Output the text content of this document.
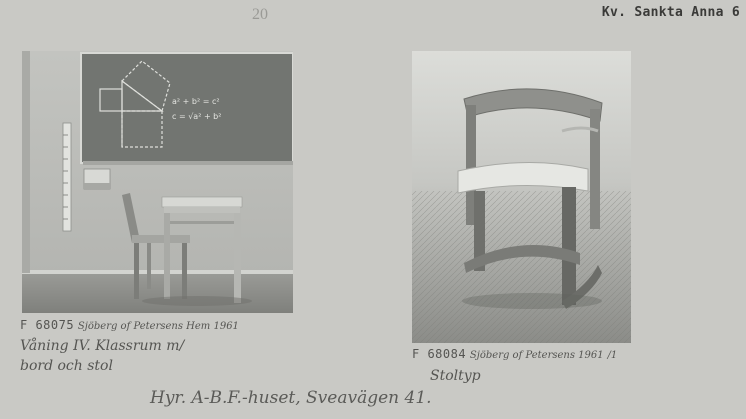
20	Kv. Sankta Anna 6
a² + b² = c²
c = √a² + b²
F 68075 Sjöberg of Petersens Hem 1961
Våning IV. Klassrum m/
bord och stol
F 68084 Sjöberg of Petersens 1961 /1
Stoltyp
Hyr. A-B.F.-huset, Sveavägen 41.
